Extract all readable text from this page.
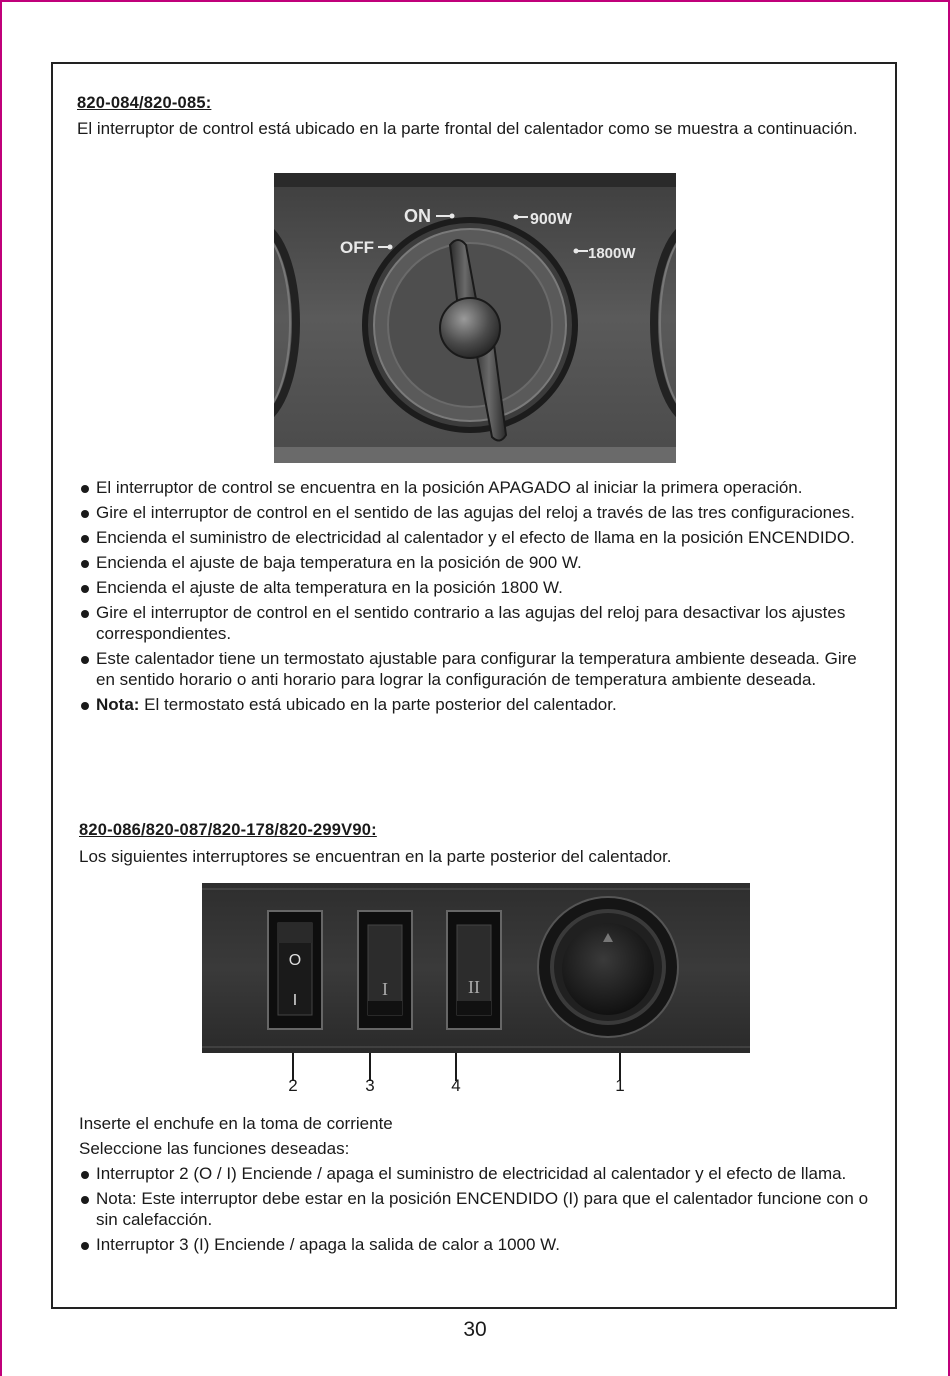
820-084/820-085:
El interruptor de control está ubicado en la parte frontal del calentador como se muestra a continuación.
ON
OFF
900W
1800W
El interruptor de control se encuentra en la posición APAGADO al iniciar la primera operación.
Gire el interruptor de control en el sentido de las agujas del reloj a través de las tres configuraciones.
Encienda el suministro de electricidad al calentador y el efecto de llama en la posición ENCENDIDO.
Encienda el ajuste de baja temperatura en la posición de 900 W.
Encienda el ajuste de alta temperatura en la posición 1800 W.
Gire el interruptor de control en el sentido contrario a las agujas del reloj para desactivar los ajustes correspondientes.
Este calentador tiene un termostato ajustable para configurar la temperatura ambiente deseada. Gire en sentido horario o anti horario para lograr la configuración de temperatura ambiente deseada.
Nota: El termostato está ubicado en la parte posterior del calentador.
820-086/820-087/820-178/820-299V90:
Los siguientes interruptores se encuentran en la parte posterior del calentador.
O
I
I	II
2	3	4	1
Inserte el enchufe en la toma de corriente
Seleccione las funciones deseadas:
Interruptor 2 (O / I) Enciende / apaga el suministro de electricidad al calentador y el efecto de llama.
Nota: Este interruptor debe estar en la posición ENCENDIDO (I) para que el calentador funcione con o sin calefacción.
Interruptor 3 (I) Enciende / apaga la salida de calor a 1000 W.
30
